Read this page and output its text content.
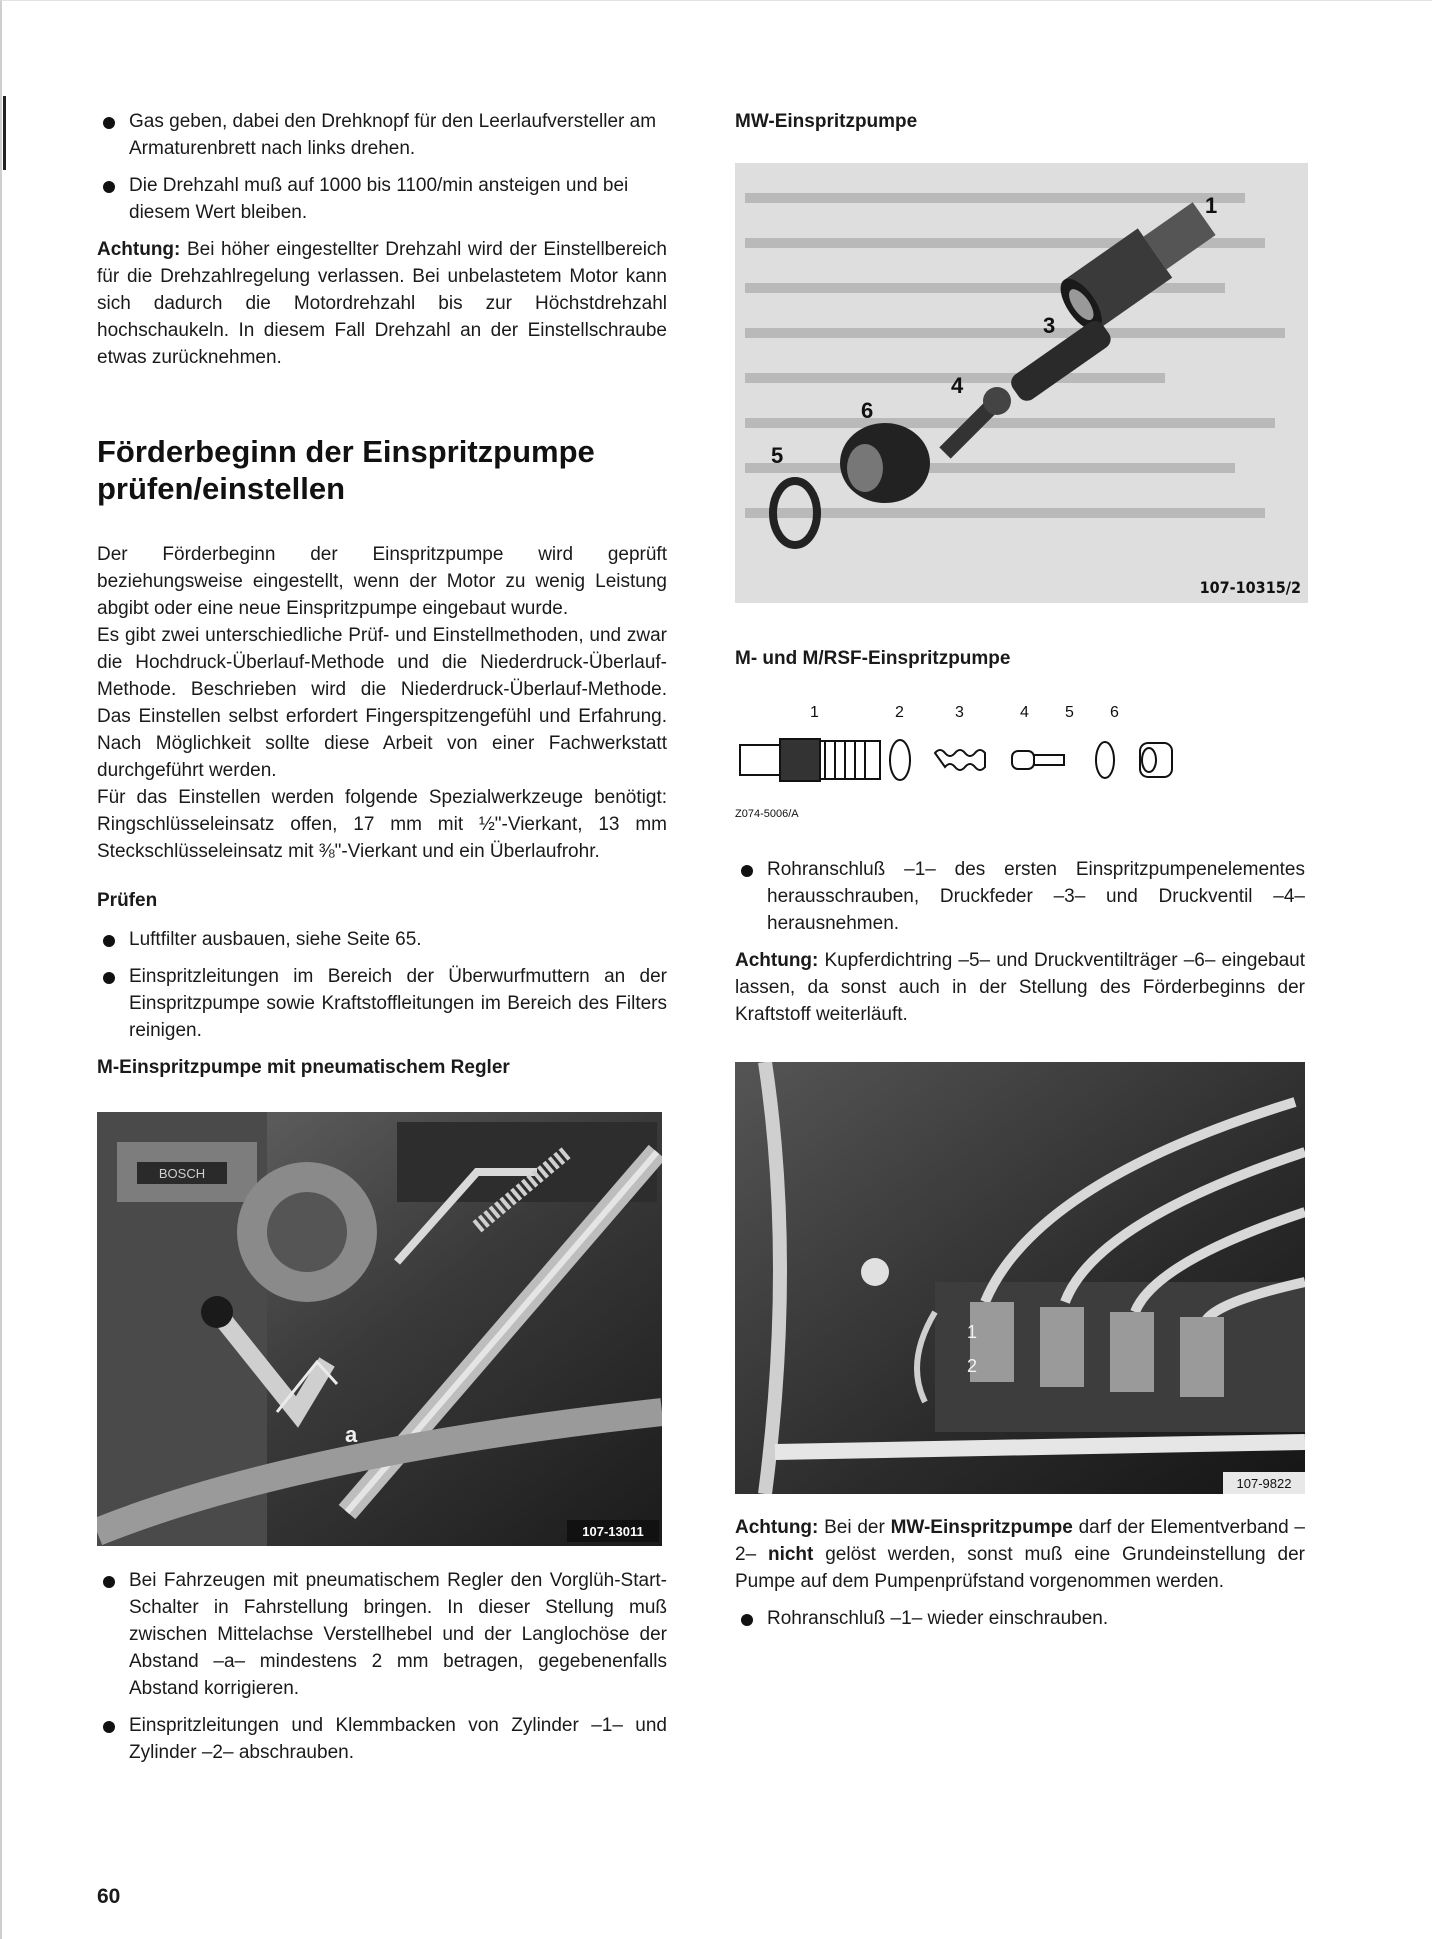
Gas geben, dabei den Drehknopf für den Leerlaufversteller am Armaturenbrett nach links drehen.

Die Drehzahl muß auf 1000 bis 1100/min ansteigen und bei diesem Wert bleiben.

Achtung: Bei höher eingestellter Drehzahl wird der Einstellbereich für die Drehzahlregelung verlassen. Bei unbelastetem Motor kann sich dadurch die Motordrehzahl bis zur Höchstdrehzahl hochschaukeln. In diesem Fall Drehzahl an der Einstellschraube etwas zurücknehmen.

Förderbeginn der Einspritzpumpe
prüfen/einstellen

Der Förderbeginn der Einspritzpumpe wird geprüft beziehungsweise eingestellt, wenn der Motor zu wenig Leistung abgibt oder eine neue Einspritzpumpe eingebaut wurde.

Es gibt zwei unterschiedliche Prüf- und Einstellmethoden, und zwar die Hochdruck-Überlauf-Methode und die Niederdruck-Überlauf-Methode. Beschrieben wird die Niederdruck-Überlauf-Methode. Das Einstellen selbst erfordert Fingerspitzengefühl und Erfahrung. Nach Möglichkeit sollte diese Arbeit von einer Fachwerkstatt durchgeführt werden.

Für das Einstellen werden folgende Spezialwerkzeuge benötigt: Ringschlüsseleinsatz offen, 17 mm mit ½"-Vierkant, 13 mm Steckschlüsseleinsatz mit ⅜"-Vierkant und ein Überlaufrohr.

Prüfen

Luftfilter ausbauen, siehe Seite 65.

Einspritzleitungen im Bereich der Überwurfmuttern an der Einspritzpumpe sowie Kraftstoffleitungen im Bereich des Filters reinigen.

M-Einspritzpumpe mit pneumatischem Regler

BOSCH
a
107-13011

Bei Fahrzeugen mit pneumatischem Regler den Vorglüh-Start-Schalter in Fahrstellung bringen. In dieser Stellung muß zwischen Mittelachse Verstellhebel und der Langlochöse der Abstand –a– mindestens 2 mm betragen, gegebenenfalls Abstand korrigieren.

Einspritzleitungen und Klemmbacken von Zylinder –1– und Zylinder –2– abschrauben.

MW-Einspritzpumpe

1
3
4
6
5
107-10315/2

M- und M/RSF-Einspritzpumpe

1	2	3	4 5 6
Z074-5006/A

Rohranschluß –1– des ersten Einspritzpumpenelementes herausschrauben, Druckfeder –3– und Druckventil –4– herausnehmen.

Achtung: Kupferdichtring –5– und Druckventilträger –6– eingebaut lassen, da sonst auch in der Stellung des Förderbeginns der Kraftstoff weiterläuft.

1
2
107-9822

Achtung: Bei der MW-Einspritzpumpe darf der Elementverband –2– nicht gelöst werden, sonst muß eine Grundeinstellung der Pumpe auf dem Pumpenprüfstand vorgenommen werden.

Rohranschluß –1– wieder einschrauben.

60
